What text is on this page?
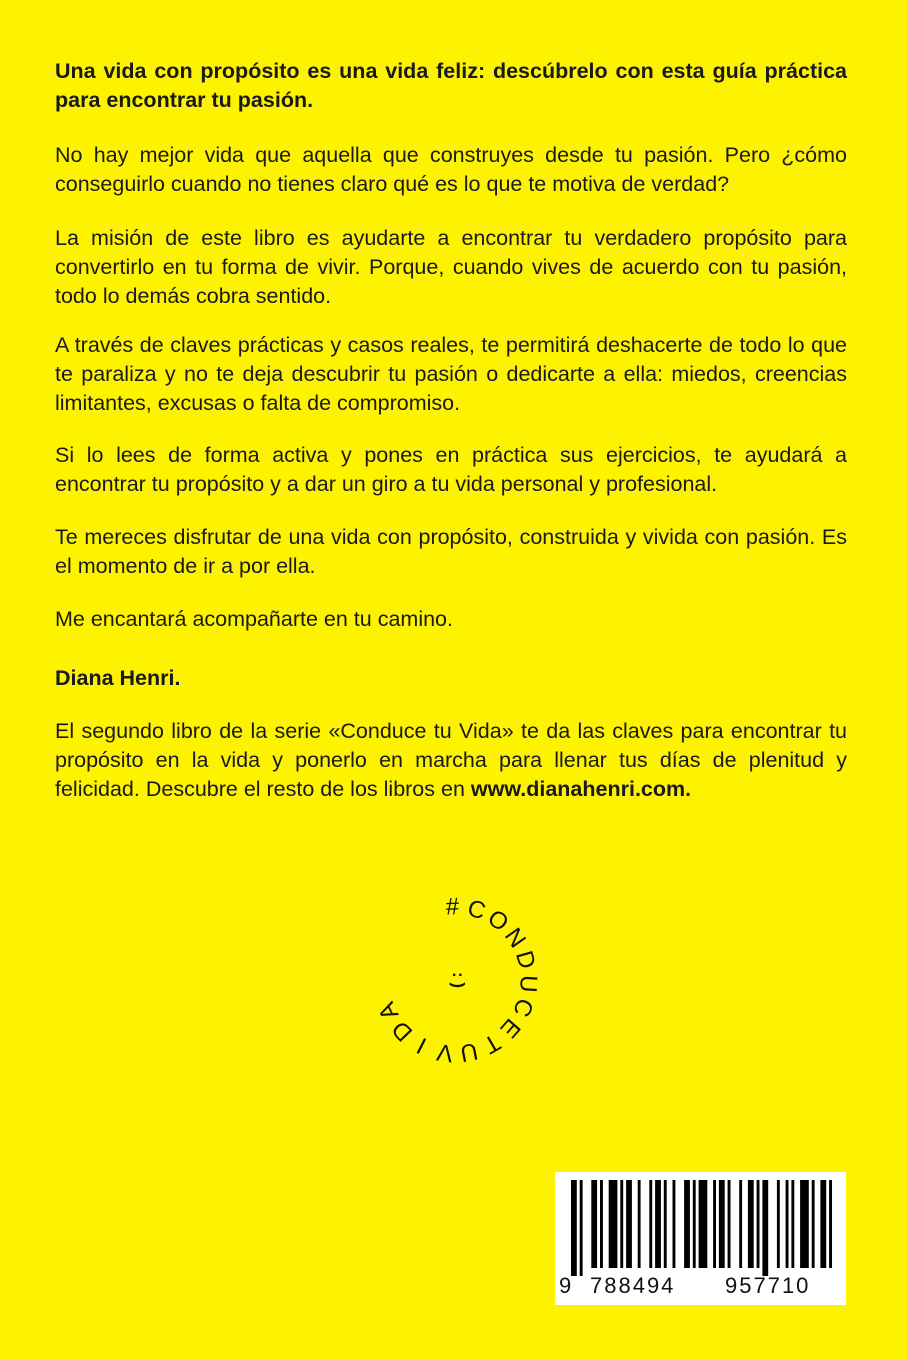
Una vida con propósito es una vida feliz: descúbrelo con esta guía práctica para encontrar tu pasión.

No hay mejor vida que aquella que construyes desde tu pasión. Pero ¿cómo conseguirlo cuando no tienes claro qué es lo que te motiva de verdad?

La misión de este libro es ayudarte a encontrar tu verdadero propósito para convertirlo en tu forma de vivir. Porque, cuando vives de acuerdo con tu pasión, todo lo demás cobra sentido.

A través de claves prácticas y casos reales, te permitirá deshacerte de todo lo que te paraliza y no te deja descubrir tu pasión o dedicarte a ella: miedos, creencias limitantes, excusas o falta de compromiso.

Si lo lees de forma activa y pones en práctica sus ejercicios, te ayudará a encontrar tu propósito y a dar un giro a tu vida personal y profesional.

Te mereces disfrutar de una vida con propósito, construida y vivida con pasión. Es el momento de ir a por ella.

Me encantará acompañarte en tu camino.

Diana Henri.

El segundo libro de la serie «Conduce tu Vida» te da las claves para encontrar tu propósito en la vida y ponerlo en marcha para llenar tus días de plenitud y felicidad. Descubre el resto de los libros en www.dianahenri.com.

# C
O
N
D
U
C
E
T
U
V
I
D
A
: )
9 788494 957710
